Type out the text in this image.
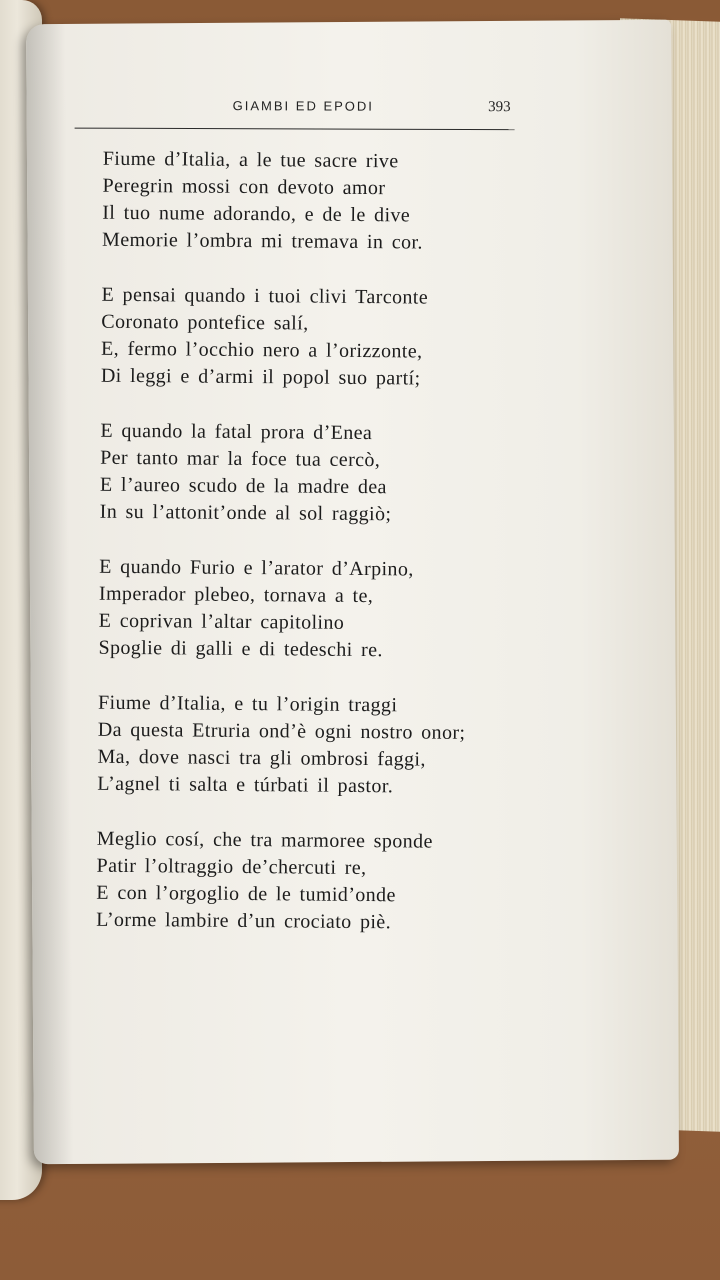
GIAMBI ED EPODI	393
Fiume d’Italia, a le tue sacre rive
Peregrin mossi con devoto amor
Il tuo nume adorando, e de le dive
Memorie l’ombra mi tremava in cor.
E pensai quando i tuoi clivi Tarconte
Coronato pontefice salí,
E, fermo l’occhio nero a l’orizzonte,
Di leggi e d’armi il popol suo partí;
E quando la fatal prora d’Enea
Per tanto mar la foce tua cercò,
E l’aureo scudo de la madre dea
In su l’attonit’onde al sol raggiò;
E quando Furio e l’arator d’Arpino,
Imperador plebeo, tornava a te,
E coprivan l’altar capitolino
Spoglie di galli e di tedeschi re.
Fiume d’Italia, e tu l’origin traggi
Da questa Etruria ond’è ogni nostro onor;
Ma, dove nasci tra gli ombrosi faggi,
L’agnel ti salta e túrbati il pastor.
Meglio cosí, che tra marmoree sponde
Patir l’oltraggio de’chercuti re,
E con l’orgoglio de le tumid’onde
L’orme lambire d’un crociato piè.
